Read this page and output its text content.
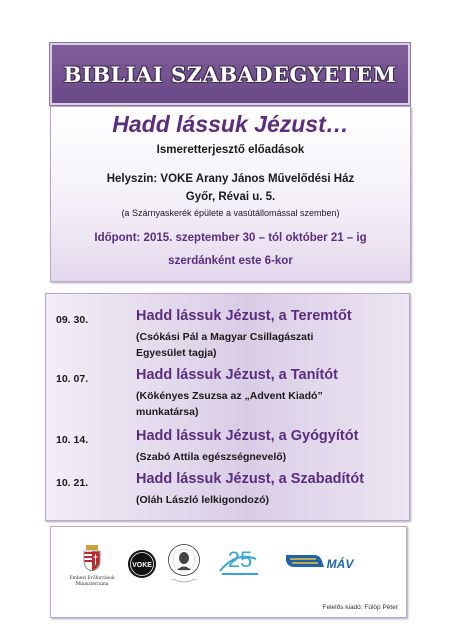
BIBLIAI SZABADEGYETEM
Hadd lássuk Jézust…
Ismeretterjesztő előadások
Helyszin: VOKE Arany János Művelődési Ház
Győr, Révai u. 5.
(a Szárnyaskerék épülete a vasútállomással szemben)
Időpont: 2015. szeptember 30 – tól október 21 – ig
szerdánként este 6-kor
09. 30.	Hadd lássuk Jézust, a Teremtőt
(Csókási Pál a Magyar Csillagászati
Egyesület tagja)
10. 07.	Hadd lássuk Jézust, a Tanítót
(Kökényes Zsuzsa az „Advent Kiadó”
munkatársa)
10. 14.	Hadd lássuk Jézust, a Gyógyítót
(Szabó Attila egészségnevelő)
10. 21.	Hadd lássuk Jézust, a Szabadítót
(Oláh László lelkigondozó)
Emberi Erőforrások
Minisztériuma
VOKE	25	MÁV
Felelős kiadó: Fülöp Péter
